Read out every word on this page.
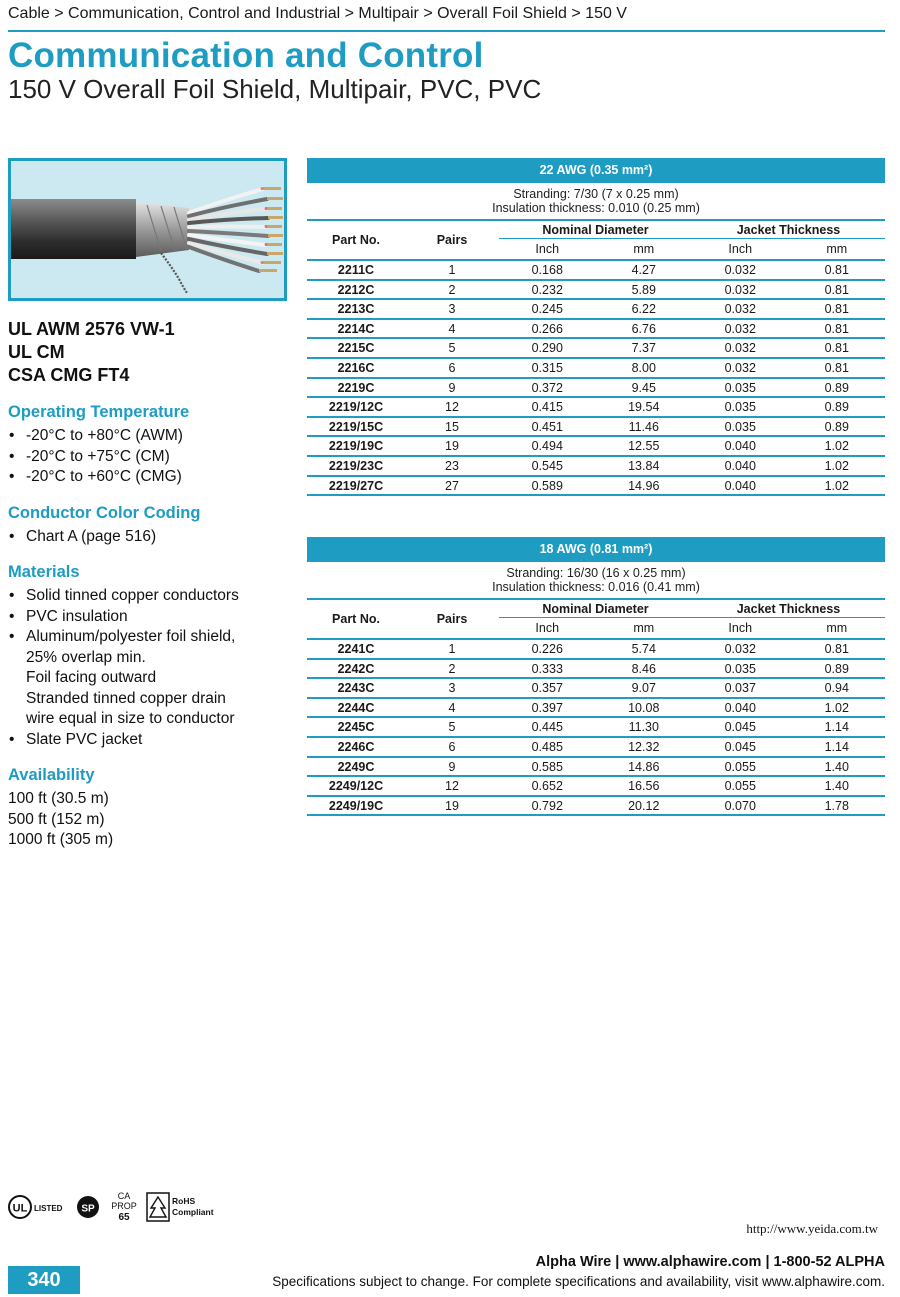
Cable > Communication, Control and Industrial > Multipair > Overall Foil Shield > 150 V
Communication and Control
150 V Overall Foil Shield, Multipair, PVC, PVC
UL AWM 2576 VW-1
UL CM
CSA CMG FT4
Operating Temperature
• -20°C to +80°C (AWM)
• -20°C to +75°C (CM)
• -20°C to +60°C (CMG)
Conductor Color Coding
• Chart A (page 516)
Materials
• Solid tinned copper conductors
• PVC insulation
• Aluminum/polyester foil shield,
25% overlap min.
Foil facing outward
Stranded tinned copper drain
wire equal in size to conductor
• Slate PVC jacket
Availability
100 ft (30.5 m)
500 ft (152 m)
1000 ft (305 m)
22 AWG (0.35 mm²)
Stranding: 7/30 (7 x 0.25 mm)
Insulation thickness: 0.010 (0.25 mm)
Part No.	Pairs
Nominal Diameter
Inch	mm
Jacket Thickness
Inch	mm
2211C	1	0.168	4.27	0.032	0.81
2212C	2	0.232	5.89	0.032	0.81
2213C	3	0.245	6.22	0.032	0.81
2214C	4	0.266	6.76	0.032	0.81
2215C	5	0.290	7.37	0.032	0.81
2216C	6	0.315	8.00	0.032	0.81
2219C	9	0.372	9.45	0.035	0.89
2219/12C	12	0.415	19.54	0.035	0.89
2219/15C	15	0.451	11.46	0.035	0.89
2219/19C	19	0.494	12.55	0.040	1.02
2219/23C	23	0.545	13.84	0.040	1.02
2219/27C	27	0.589	14.96	0.040	1.02
18 AWG (0.81 mm²)
Stranding: 16/30 (16 x 0.25 mm)
Insulation thickness: 0.016 (0.41 mm)
Part No.	Pairs
Nominal Diameter
Inch	mm
Jacket Thickness
Inch	mm
2241C	1	0.226	5.74	0.032	0.81
2242C	2	0.333	8.46	0.035	0.89
2243C	3	0.357	9.07	0.037	0.94
2244C	4	0.397	10.08	0.040	1.02
2245C	5	0.445	11.30	0.045	1.14
2246C	6	0.485	12.32	0.045	1.14
2249C	9	0.585	14.86	0.055	1.40
2249/12C	12	0.652	16.56	0.055	1.40
2249/19C	19	0.792	20.12	0.070	1.78
UL LISTED SP
CA
PROP
65
RoHS
Compliant
http://www.yeida.com.tw
Alpha Wire | www.alphawire.com | 1-800-52 ALPHA
Specifications subject to change. For complete specifications and availability, visit www.alphawire.com.
340
